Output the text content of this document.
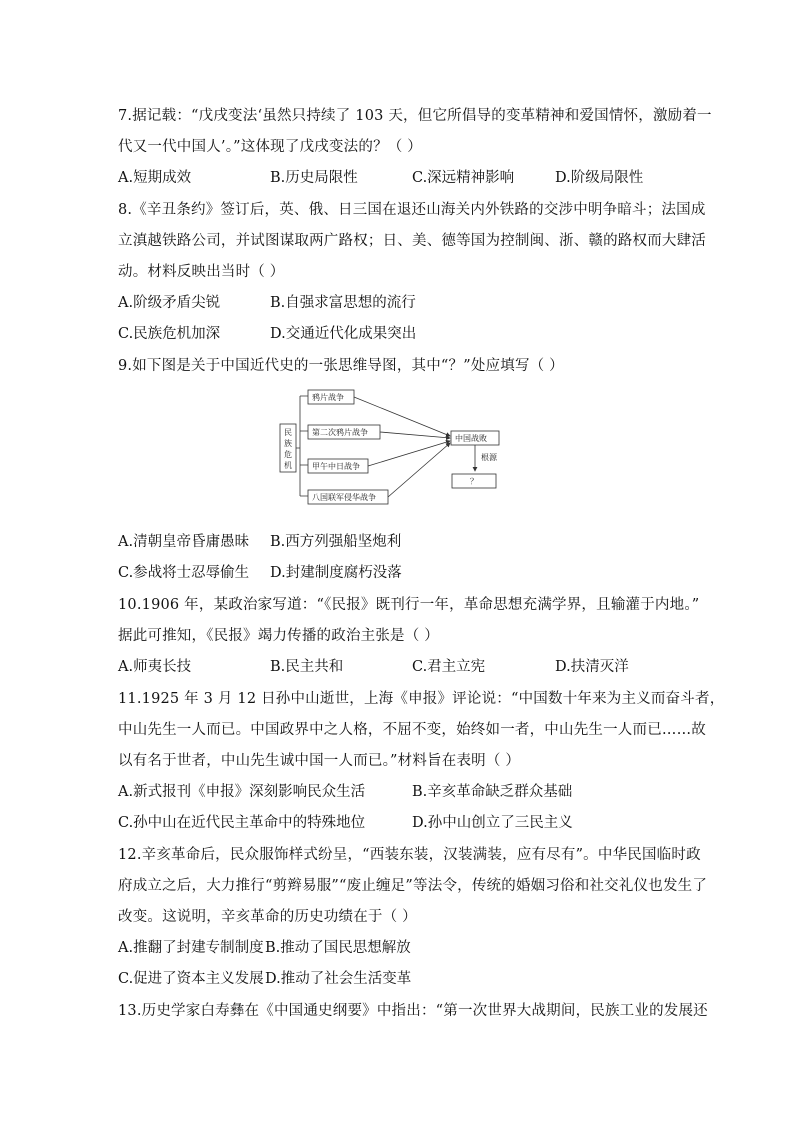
7.据记载：“戊戌变法‘虽然只持续了 103 天，但它所倡导的变革精神和爱国情怀，激励着一
代又一代中国人’。”这体现了戊戌变法的？（ ）
A.短期成效	B.历史局限性	C.深远精神影响	D.阶级局限性
8.《辛丑条约》签订后，英、俄、日三国在退还山海关内外铁路的交涉中明争暗斗；法国成
立滇越铁路公司，并试图谋取两广路权；日、美、德等国为控制闽、浙、赣的路权而大肆活
动。材料反映出当时（ ）
A.阶级矛盾尖锐	B.自强求富思想的流行
C.民族危机加深	D.交通近代化成果突出
9.如下图是关于中国近代史的一张思维导图，其中“？”处应填写（ ）
民
族
危
机
鸦片战争
第二次鸦片战争
甲午中日战争
八国联军侵华战争
中国战败
根源
？
A.清朝皇帝昏庸愚昧 B.西方列强船坚炮利
C.参战将士忍辱偷生 D.封建制度腐朽没落
10.1906 年，某政治家写道：“《民报》既刊行一年，革命思想充满学界，且输灌于内地。”
据此可推知，《民报》竭力传播的政治主张是（ ）
A.师夷长技	B.民主共和	C.君主立宪	D.扶清灭洋
11.1925 年 3 月 12 日孙中山逝世，上海《申报》评论说：“中国数十年来为主义而奋斗者，
中山先生一人而已。中国政界中之人格，不屈不变，始终如一者，中山先生一人而已……故
以有名于世者，中山先生诚中国一人而已。”材料旨在表明（ ）
A.新式报刊《申报》深刻影响民众生活	B.辛亥革命缺乏群众基础
C.孙中山在近代民主革命中的特殊地位	D.孙中山创立了三民主义
12.辛亥革命后，民众服饰样式纷呈，“西装东装，汉装满装，应有尽有”。中华民国临时政
府成立之后，大力推行“剪辫易服”“废止缠足”等法令，传统的婚姻习俗和社交礼仪也发生了
改变。这说明，辛亥革命的历史功绩在于（ ）
A.推翻了封建专制制度 B.推动了国民思想解放
C.促进了资本主义发展 D.推动了社会生活变革
13.历史学家白寿彝在《中国通史纲要》中指出：“第一次世界大战期间，民族工业的发展还
